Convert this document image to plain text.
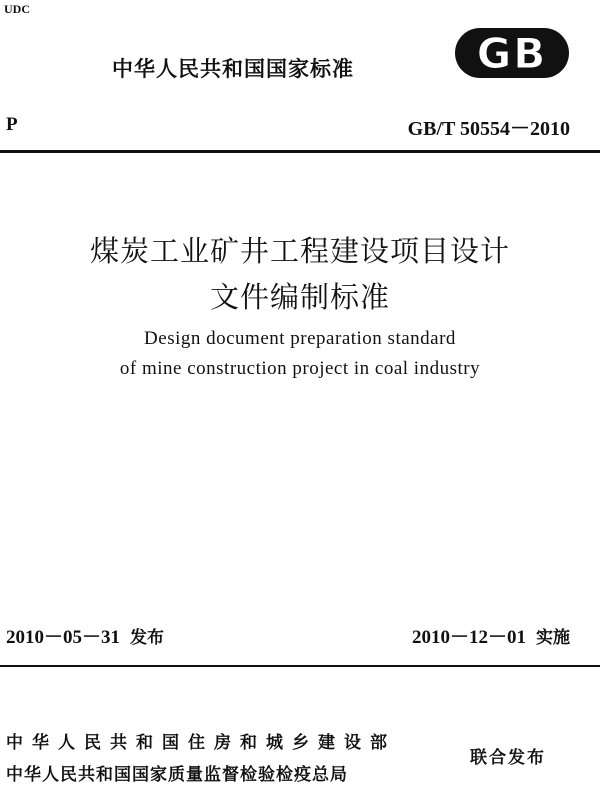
UDC
中华人民共和国国家标准	GB
P	GB/T 50554－2010
煤炭工业矿井工程建设项目设计
文件编制标准
Design document preparation standard
of mine construction project in coal industry
2010－05－31 发布	2010－12－01 实施
中华人民共和国住房和城乡建设部
中华人民共和国国家质量监督检验检疫总局
联合发布
